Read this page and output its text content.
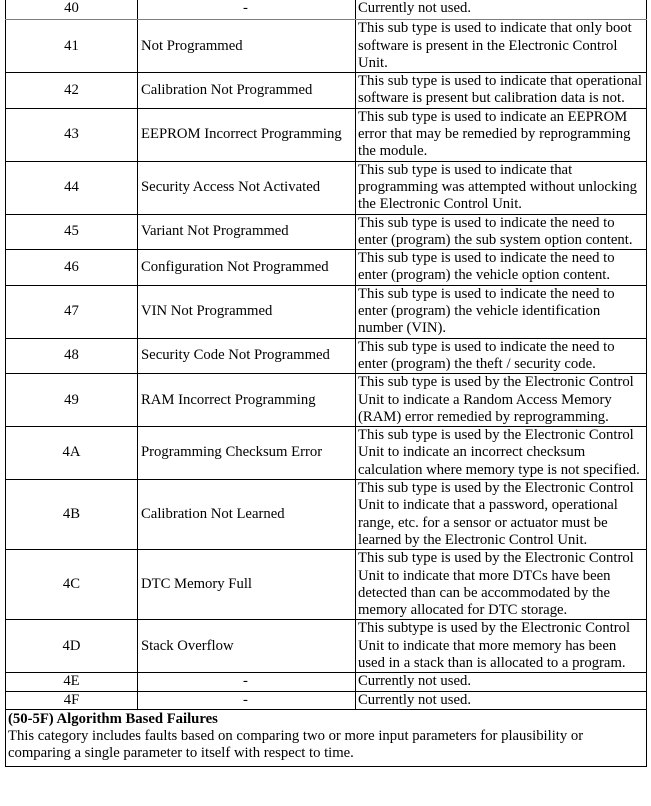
40	-	Currently not used.
41	Not Programmed	This sub type is used to indicate that only boot software is present in the Electronic Control Unit.
42	Calibration Not Programmed	This sub type is used to indicate that operational software is present but calibration data is not.
43	EEPROM Incorrect Programming	This sub type is used to indicate an EEPROM error that may be remedied by reprogramming the module.
44	Security Access Not Activated	This sub type is used to indicate that programming was attempted without unlocking the Electronic Control Unit.
45	Variant Not Programmed	This sub type is used to indicate the need to enter (program) the sub system option content.
46	Configuration Not Programmed	This sub type is used to indicate the need to enter (program) the vehicle option content.
47	VIN Not Programmed	This sub type is used to indicate the need to enter (program) the vehicle identification number (VIN).
48	Security Code Not Programmed	This sub type is used to indicate the need to enter (program) the theft / security code.
49	RAM Incorrect Programming	This sub type is used by the Electronic Control Unit to indicate a Random Access Memory (RAM) error remedied by reprogramming.
4A	Programming Checksum Error	This sub type is used by the Electronic Control Unit to indicate an incorrect checksum calculation where memory type is not specified.
4B	Calibration Not Learned	This sub type is used by the Electronic Control Unit to indicate that a password, operational range, etc. for a sensor or actuator must be learned by the Electronic Control Unit.
4C	DTC Memory Full	This sub type is used by the Electronic Control Unit to indicate that more DTCs have been detected than can be accommodated by the memory allocated for DTC storage.
4D	Stack Overflow	This subtype is used by the Electronic Control Unit to indicate that more memory has been used in a stack than is allocated to a program.
4E	-	Currently not used.
4F	-	Currently not used.

(50-5F) Algorithm Based Failures
This category includes faults based on comparing two or more input parameters for plausibility or comparing a single parameter to itself with respect to time.		
